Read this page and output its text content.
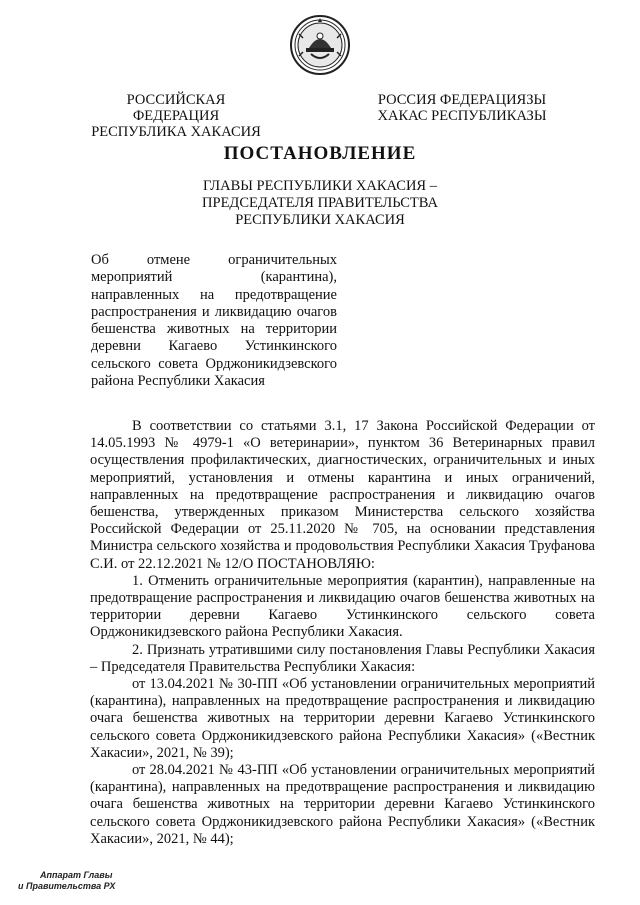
РОССИЙСКАЯ ФЕДЕРАЦИЯ
РЕСПУБЛИКА ХАКАСИЯ
РОССИЯ ФЕДЕРАЦИЯЗЫ
ХАКАС РЕСПУБЛИКАЗЫ
ПОСТАНОВЛЕНИЕ
ГЛАВЫ РЕСПУБЛИКИ ХАКАСИЯ –
ПРЕДСЕДАТЕЛЯ ПРАВИТЕЛЬСТВА
РЕСПУБЛИКИ ХАКАСИЯ
Об отмене ограничительных мероприятий (карантина), направленных на предотвращение распространения и ликвидацию очагов бешенства животных на территории деревни Кагаево Устинкинского сельского совета Орджоникидзевского района Республики Хакасия

В соответствии со статьями 3.1, 17 Закона Российской Федерации от 14.05.1993 № 4979-1 «О ветеринарии», пунктом 36 Ветеринарных правил осуществления профилактических, диагностических, ограничительных и иных мероприятий, установления и отмены карантина и иных ограничений, направленных на предотвращение распространения и ликвидацию очагов бешенства, утвержденных приказом Министерства сельского хозяйства Российской Федерации от 25.11.2020 № 705, на основании представления Министра сельского хозяйства и продовольствия Республики Хакасия Труфанова С.И. от 22.12.2021 № 12/О ПОСТАНОВЛЯЮ:

1. Отменить ограничительные мероприятия (карантин), направленные на предотвращение распространения и ликвидацию очагов бешенства животных на территории деревни Кагаево Устинкинского сельского совета Орджоникидзевского района Республики Хакасия.

2. Признать утратившими силу постановления Главы Республики Хакасия – Председателя Правительства Республики Хакасия:

от 13.04.2021 № 30-ПП «Об установлении ограничительных мероприятий (карантина), направленных на предотвращение распространения и ликвидацию очага бешенства животных на территории деревни Кагаево Устинкинского сельского совета Орджоникидзевского района Республики Хакасия» («Вестник Хакасии», 2021, № 39);

от 28.04.2021 № 43-ПП «Об установлении ограничительных мероприятий (карантина), направленных на предотвращение распространения и ликвидацию очага бешенства животных на территории деревни Кагаево Устинкинского сельского совета Орджоникидзевского района Республики Хакасия» («Вестник Хакасии», 2021, № 44);

Аппарат Главы
и Правительства РХ
